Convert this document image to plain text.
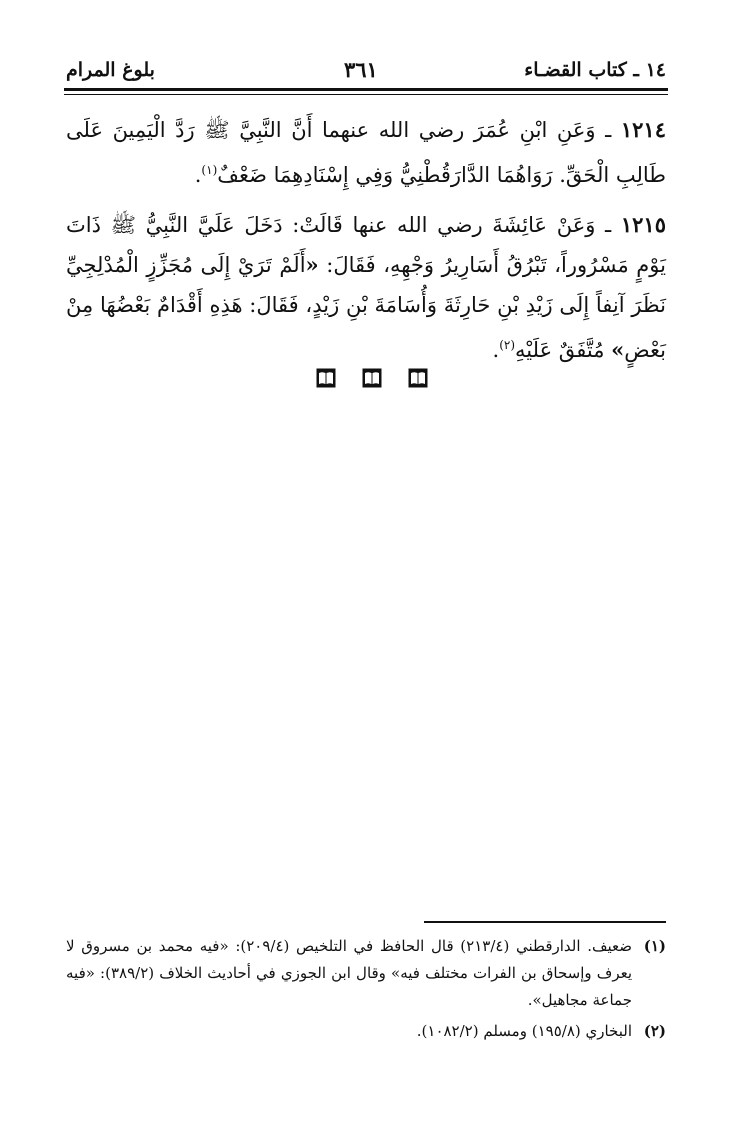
١٤ ـ كتاب القضـاء
٣٦١
بلوغ المرام

١٢١٤ ـ وَعَنِ ابْنِ عُمَرَ رضي الله عنهما أَنَّ النَّبِيَّ ﷺ رَدَّ الْيَمِينَ عَلَى طَالِبِ الْحَقِّ. رَوَاهُمَا الدَّارَقُطْنِيُّ وَفِي إِسْنَادِهِمَا ضَعْفٌ$^{(١)}$.

١٢١٥ ـ وَعَنْ عَائِشَةَ رضي الله عنها قَالَتْ: دَخَلَ عَلَيَّ النَّبِيُّ ﷺ ذَاتَ يَوْمٍ مَسْرُوراً، تَبْرُقُ أَسَارِيرُ وَجْهِهِ، فَقَالَ: «أَلَمْ تَرَيْ إِلَى مُجَزِّزٍ الْمُدْلِجِيِّ نَظَرَ آنِفاً إِلَى زَيْدِ بْنِ حَارِثَةَ وَأُسَامَةَ بْنِ زَيْدٍ، فَقَالَ: هَذِهِ أَقْدَامٌ بَعْضُهَا مِنْ بَعْضٍ» مُتَّفَقٌ عَلَيْهِ$^{(٢)}$.

(١)
ضعيف. الدارقطني (٢١٣/٤) قال الحافظ في التلخيص (٢٠٩/٤): «فيه محمد بن مسروق لا يعرف وإسحاق بن الفرات مختلف فيه» وقال ابن الجوزي في أحاديث الخلاف (٣٨٩/٢): «فيه جماعة مجاهيل».
(٢)
البخاري (١٩٥/٨) ومسلم (١٠٨٢/٢).
